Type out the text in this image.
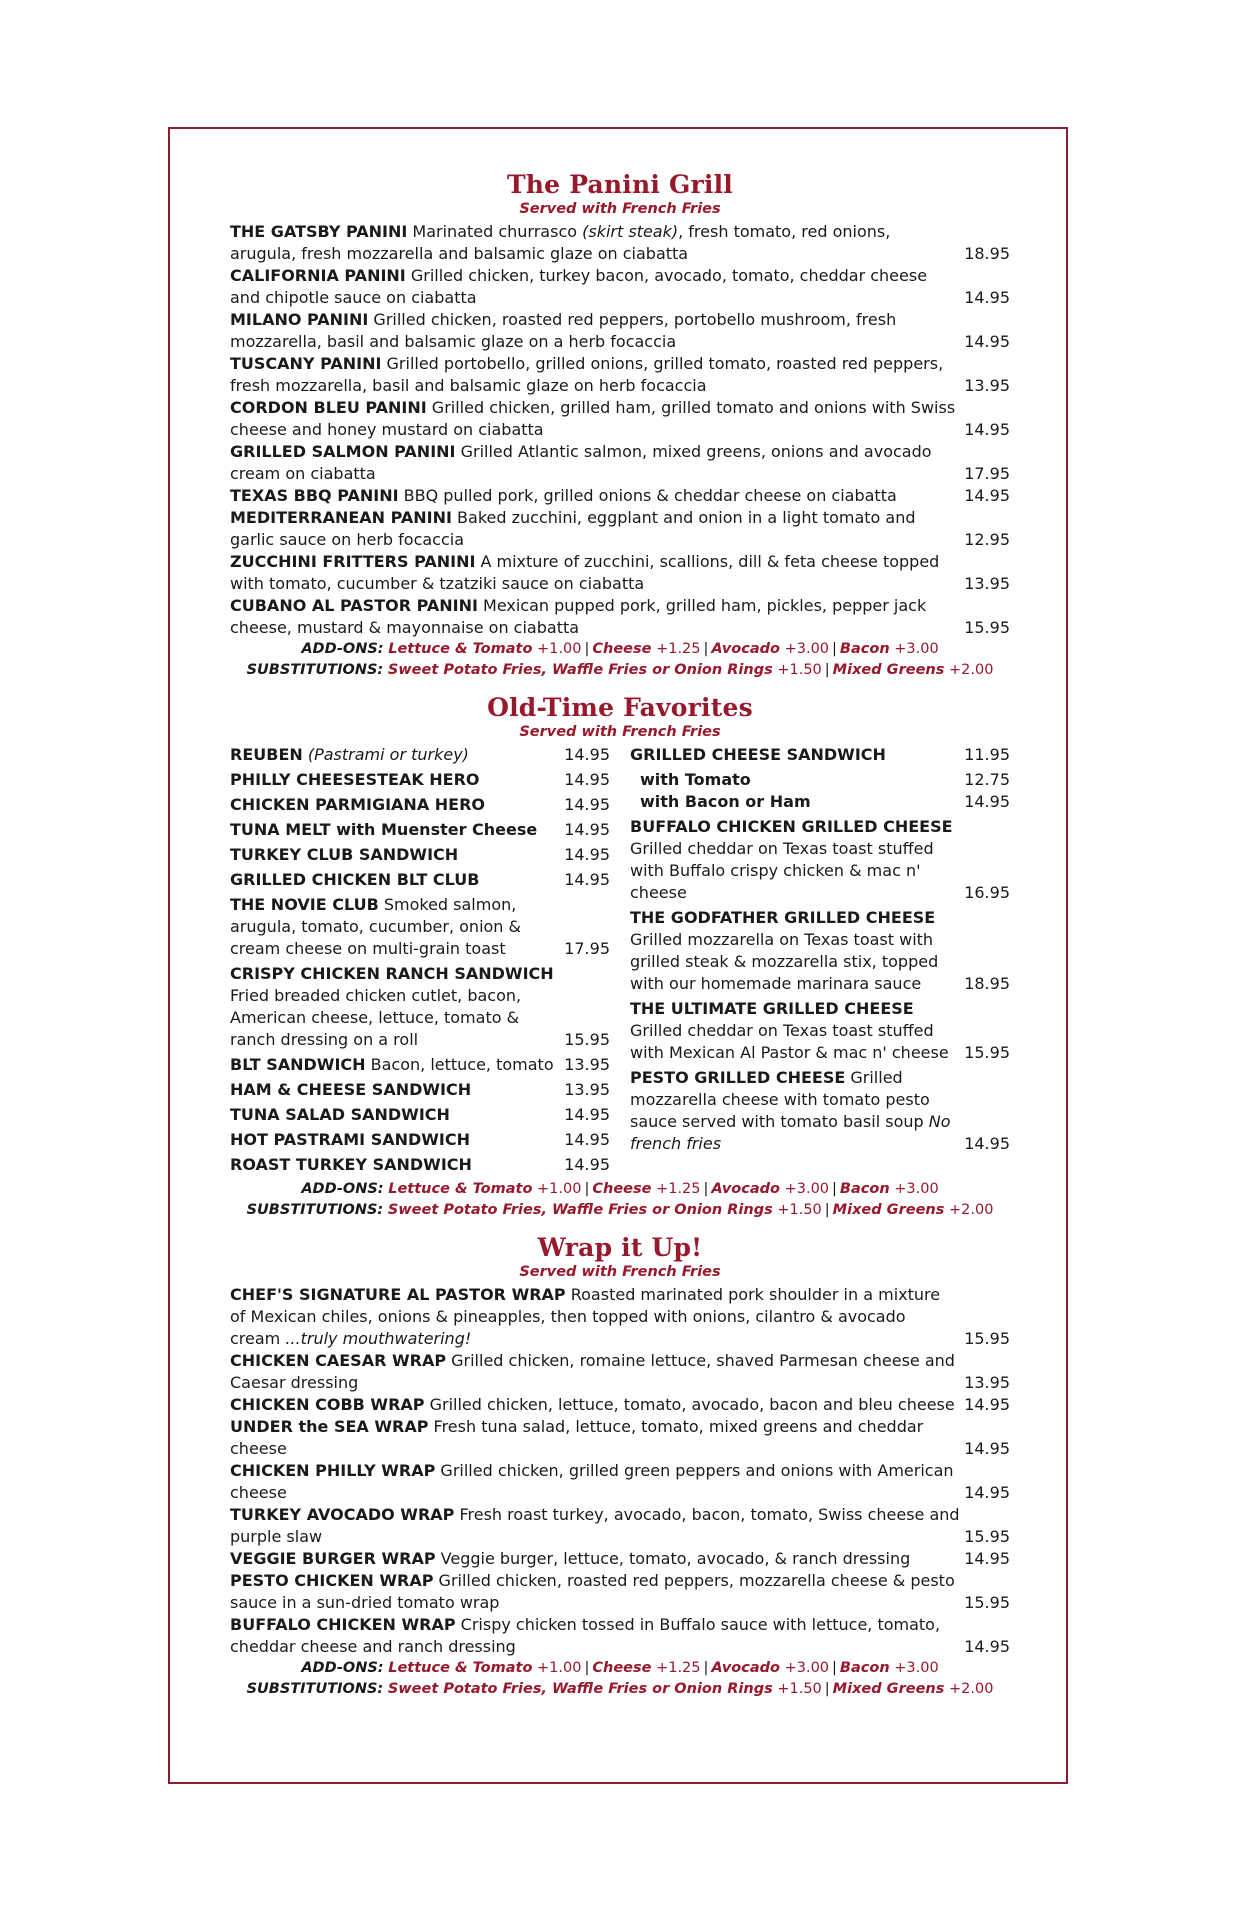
The Panini Grill

Served with French Fries

THE GATSBY PANINI Marinated churrasco (skirt steak), fresh tomato, red onions, arugula, fresh mozzarella and balsamic glaze on ciabatta	18.95
CALIFORNIA PANINI Grilled chicken, turkey bacon, avocado, tomato, cheddar cheese and chipotle sauce on ciabatta	14.95
MILANO PANINI Grilled chicken, roasted red peppers, portobello mushroom, fresh mozzarella, basil and balsamic glaze on a herb focaccia	14.95
TUSCANY PANINI Grilled portobello, grilled onions, grilled tomato, roasted red peppers, fresh mozzarella, basil and balsamic glaze on herb focaccia	13.95
CORDON BLEU PANINI Grilled chicken, grilled ham, grilled tomato and onions with Swiss cheese and honey mustard on ciabatta	14.95
GRILLED SALMON PANINI Grilled Atlantic salmon, mixed greens, onions and avocado cream on ciabatta	17.95
TEXAS BBQ PANINI BBQ pulled pork, grilled onions & cheddar cheese on ciabatta	14.95
MEDITERRANEAN PANINI Baked zucchini, eggplant and onion in a light tomato and garlic sauce on herb focaccia	12.95
ZUCCHINI FRITTERS PANINI A mixture of zucchini, scallions, dill & feta cheese topped with tomato, cucumber & tzatziki sauce on ciabatta	13.95
CUBANO AL PASTOR PANINI Mexican pupped pork, grilled ham, pickles, pepper jack cheese, mustard & mayonnaise on ciabatta	15.95
ADD-ONS: Lettuce & Tomato +1.00 | Cheese +1.25 | Avocado +3.00 | Bacon +3.00
SUBSTITUTIONS: Sweet Potato Fries, Waffle Fries or Onion Rings +1.50 | Mixed Greens +2.00
Old-Time Favorites

Served with French Fries

REUBEN (Pastrami or turkey)	14.95
PHILLY CHEESESTEAK HERO	14.95
CHICKEN PARMIGIANA HERO	14.95
TUNA MELT with Muenster Cheese	14.95
TURKEY CLUB SANDWICH	14.95
GRILLED CHICKEN BLT CLUB	14.95
THE NOVIE CLUB Smoked salmon, arugula, tomato, cucumber, onion & cream cheese on multi-grain toast	17.95
CRISPY CHICKEN RANCH SANDWICH Fried breaded chicken cutlet, bacon, American cheese, lettuce, tomato & ranch dressing on a roll	15.95
BLT SANDWICH Bacon, lettuce, tomato 13.95
HAM & CHEESE SANDWICH	13.95
TUNA SALAD SANDWICH	14.95
HOT PASTRAMI SANDWICH	14.95
ROAST TURKEY SANDWICH	14.95
GRILLED CHEESE SANDWICH	11.95
with Tomato	12.75
with Bacon or Ham	14.95
BUFFALO CHICKEN GRILLED CHEESE Grilled cheddar on Texas toast stuffed with Buffalo crispy chicken & mac n' cheese	16.95
THE GODFATHER GRILLED CHEESE Grilled mozzarella on Texas toast with grilled steak & mozzarella stix, topped with our homemade marinara sauce	18.95
THE ULTIMATE GRILLED CHEESE Grilled cheddar on Texas toast stuffed with Mexican Al Pastor & mac n' cheese 15.95
PESTO GRILLED CHEESE Grilled mozzarella cheese with tomato pesto sauce served with tomato basil soup No french fries	14.95
ADD-ONS: Lettuce & Tomato +1.00 | Cheese +1.25 | Avocado +3.00 | Bacon +3.00
SUBSTITUTIONS: Sweet Potato Fries, Waffle Fries or Onion Rings +1.50 | Mixed Greens +2.00
Wrap it Up!

Served with French Fries

CHEF'S SIGNATURE AL PASTOR WRAP Roasted marinated pork shoulder in a mixture of Mexican chiles, onions & pineapples, then topped with onions, cilantro & avocado cream ...truly mouthwatering!	15.95
CHICKEN CAESAR WRAP Grilled chicken, romaine lettuce, shaved Parmesan cheese and Caesar dressing	13.95
CHICKEN COBB WRAP Grilled chicken, lettuce, tomato, avocado, bacon and bleu cheese 14.95
UNDER the SEA WRAP Fresh tuna salad, lettuce, tomato, mixed greens and cheddar cheese	14.95
CHICKEN PHILLY WRAP Grilled chicken, grilled green peppers and onions with American cheese	14.95
TURKEY AVOCADO WRAP Fresh roast turkey, avocado, bacon, tomato, Swiss cheese and purple slaw	15.95
VEGGIE BURGER WRAP Veggie burger, lettuce, tomato, avocado, & ranch dressing	14.95
PESTO CHICKEN WRAP Grilled chicken, roasted red peppers, mozzarella cheese & pesto sauce in a sun-dried tomato wrap	15.95
BUFFALO CHICKEN WRAP Crispy chicken tossed in Buffalo sauce with lettuce, tomato, cheddar cheese and ranch dressing	14.95
ADD-ONS: Lettuce & Tomato +1.00 | Cheese +1.25 | Avocado +3.00 | Bacon +3.00
SUBSTITUTIONS: Sweet Potato Fries, Waffle Fries or Onion Rings +1.50 | Mixed Greens +2.00
